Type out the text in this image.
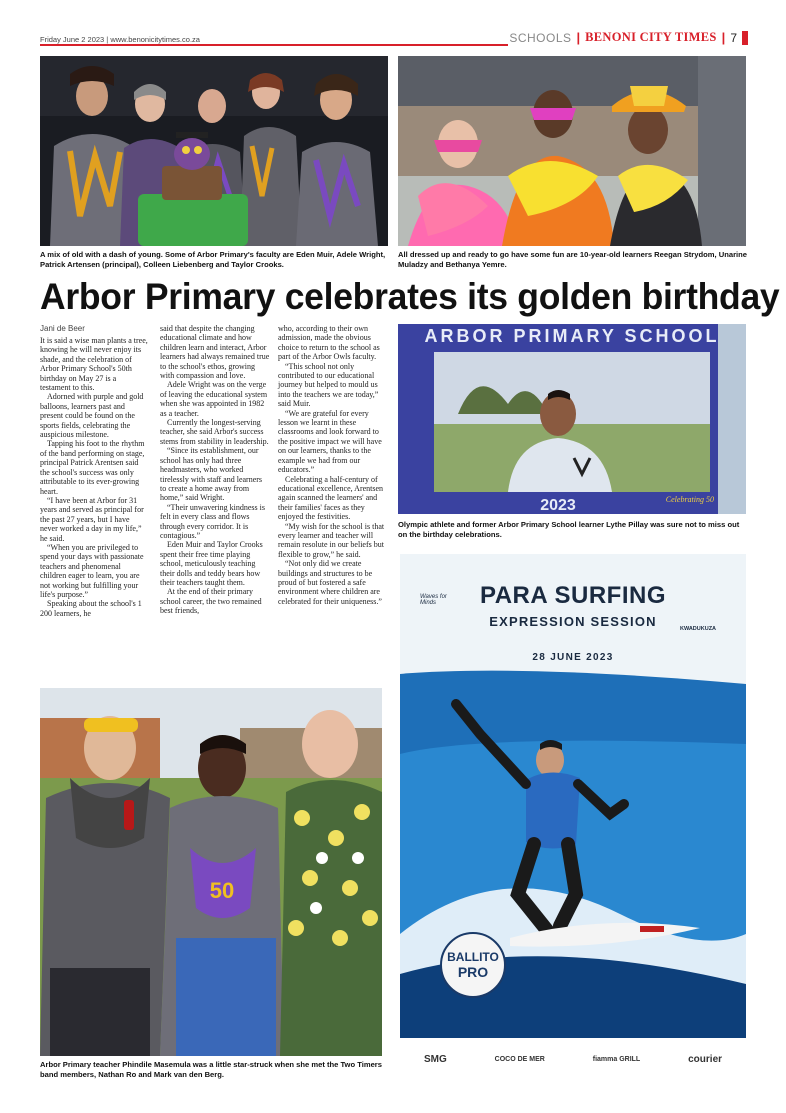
Friday June 2 2023 | www.benonicitytimes.co.za	SCHOOLS | BENONI CITY TIMES | 7
A mix of old with a dash of young. Some of Arbor Primary's faculty are Eden Muir, Adele Wright, Patrick Artensen (principal), Colleen Liebenberg and Taylor Crooks.
All dressed up and ready to go have some fun are 10-year-old learners Reegan Strydom, Unarine Muladzy and Bethanya Yemre.
Arbor Primary celebrates its golden birthday
Jani de Beer

It is said a wise man plants a tree, knowing he will never enjoy its shade, and the celebration of Arbor Primary School's 50th birthday on May 27 is a testament to this.

Adorned with purple and gold balloons, learners past and present could be found on the sports fields, celebrating the auspicious milestone.

Tapping his foot to the rhythm of the band performing on stage, principal Patrick Arentsen said the school's success was only attributable to its ever-growing heart.

“I have been at Arbor for 31 years and served as principal for the past 27 years, but I have never worked a day in my life,” he said.

“When you are privileged to spend your days with passionate teachers and phenomenal children eager to learn, you are not working but fulfilling your life's purpose.”

Speaking about the school's 1 200 learners, he

said that despite the changing educational climate and how children learn and interact, Arbor learners had always remained true to the school's ethos, growing with compassion and love.

Adele Wright was on the verge of leaving the educational system when she was appointed in 1982 as a teacher.

Currently the longest-serving teacher, she said Arbor's success stems from stability in leadership.

“Since its establishment, our school has only had three headmasters, who worked tirelessly with staff and learners to create a home away from home,” said Wright.

“Their unwavering kindness is felt in every class and flows through every corridor. It is contagious.”

Eden Muir and Taylor Crooks spent their free time playing school, meticulously teaching their dolls and teddy bears how their teachers taught them.

At the end of their primary school career, the two remained best friends,

who, according to their own admission, made the obvious choice to return to the school as part of the Arbor Owls faculty.

“This school not only contributed to our educational journey but helped to mould us into the teachers we are today,” said Muir.

“We are grateful for every lesson we learnt in these classrooms and look forward to the positive impact we will have on our learners, thanks to the example we had from our educators.”

Celebrating a half-century of educational excellence, Arentsen again scanned the learners' and their families' faces as they enjoyed the festivities.

“My wish for the school is that every learner and teacher will remain resolute in our beliefs but flexible to grow,” he said.

“Not only did we create buildings and structures to be proud of but fostered a safe environment where children are celebrated for their uniqueness.”

ARBOR PRIMARY SCHOOL
2023	Celebrating 50
Olympic athlete and former Arbor Primary School learner Lythe Pillay was sure not to miss out on the birthday celebrations.
50
Arbor Primary teacher Phindile Masemula was a little star-struck when she met the Two Timers band members, Nathan Ro and Mark van den Berg.
Waves for Minds	PARA SURFING
EXPRESSION SESSION	KWADUKUZA
28 JUNE 2023
BALLITO
PRO
SMG	COCO DE MER	fiamma GRILL	courier
